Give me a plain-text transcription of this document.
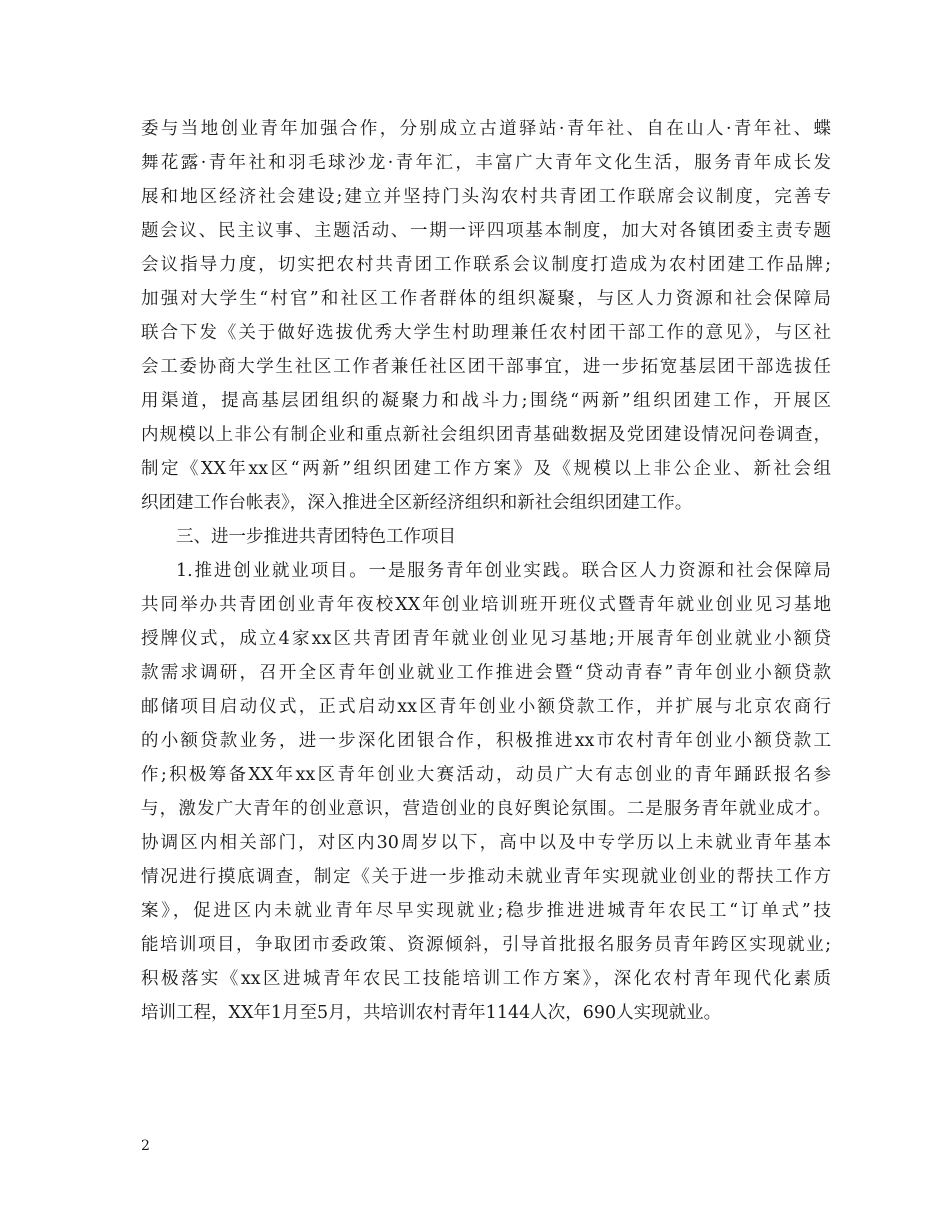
委与当地创业青年加强合作，分别成立古道驿站·青年社、自在山人·青年社、蝶
舞花露·青年社和羽毛球沙龙·青年汇，丰富广大青年文化生活，服务青年成长发
展和地区经济社会建设;建立并坚持门头沟农村共青团工作联席会议制度，完善专
题会议、民主议事、主题活动、一期一评四项基本制度，加大对各镇团委主责专题
会议指导力度，切实把农村共青团工作联系会议制度打造成为农村团建工作品牌;
加强对大学生“村官”和社区工作者群体的组织凝聚，与区人力资源和社会保障局
联合下发《关于做好选拔优秀大学生村助理兼任农村团干部工作的意见》，与区社
会工委协商大学生社区工作者兼任社区团干部事宜，进一步拓宽基层团干部选拔任
用渠道，提高基层团组织的凝聚力和战斗力;围绕“两新”组织团建工作，开展区
内规模以上非公有制企业和重点新社会组织团青基础数据及党团建设情况问卷调查，
制定《XX年xx区“两新”组织团建工作方案》及《规模以上非公企业、新社会组
织团建工作台帐表》，深入推进全区新经济组织和新社会组织团建工作。
三、进一步推进共青团特色工作项目
1.推进创业就业项目。一是服务青年创业实践。联合区人力资源和社会保障局
共同举办共青团创业青年夜校XX年创业培训班开班仪式暨青年就业创业见习基地
授牌仪式，成立4家xx区共青团青年就业创业见习基地;开展青年创业就业小额贷
款需求调研，召开全区青年创业就业工作推进会暨“贷动青春”青年创业小额贷款
邮储项目启动仪式，正式启动xx区青年创业小额贷款工作，并扩展与北京农商行
的小额贷款业务，进一步深化团银合作，积极推进xx市农村青年创业小额贷款工
作;积极筹备XX年xx区青年创业大赛活动，动员广大有志创业的青年踊跃报名参
与，激发广大青年的创业意识，营造创业的良好舆论氛围。二是服务青年就业成才。
协调区内相关部门，对区内30周岁以下，高中以及中专学历以上未就业青年基本
情况进行摸底调查，制定《关于进一步推动未就业青年实现就业创业的帮扶工作方
案》，促进区内未就业青年尽早实现就业;稳步推进进城青年农民工“订单式”技
能培训项目，争取团市委政策、资源倾斜，引导首批报名服务员青年跨区实现就业;
积极落实《xx区进城青年农民工技能培训工作方案》，深化农村青年现代化素质
培训工程，XX年1月至5月，共培训农村青年1144人次，690人实现就业。
2
